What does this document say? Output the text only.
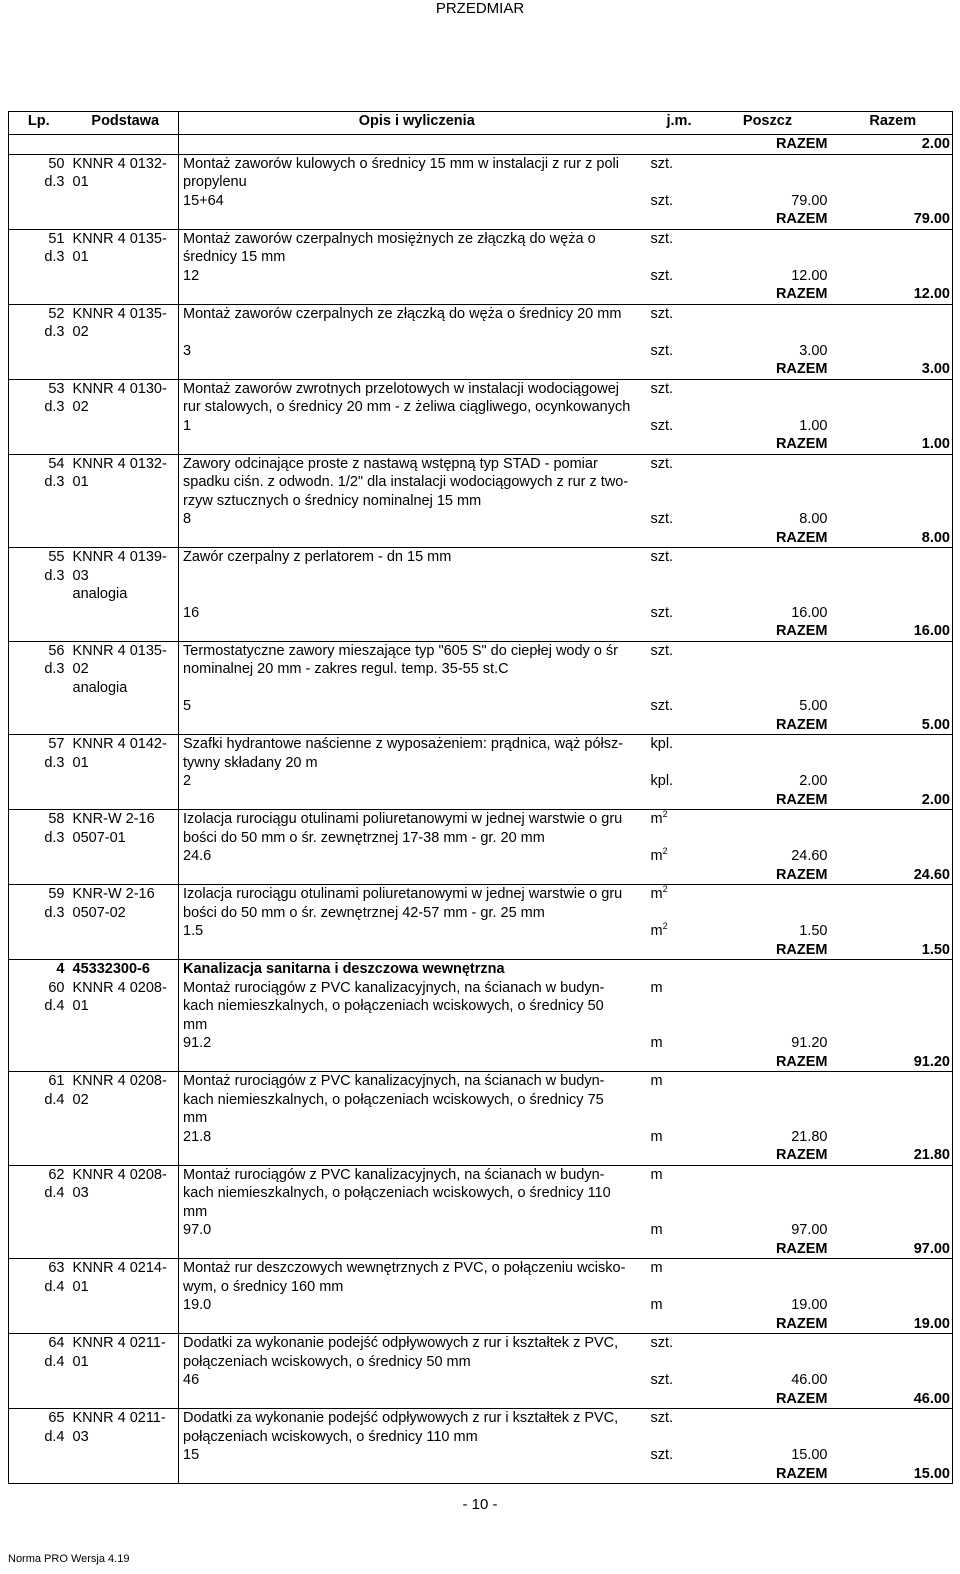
PRZEDMIAR
Lp.	Podstawa	Opis i wyliczenia	j.m.	Poszcz	Razem
				RAZEM	2.00
50	KNNR 4 0132-	Montaż zaworów kulowych o średnicy 15 mm w instalacji z rur z poli	szt.		
d.3	01	propylenu			
		15+64	szt.	79.00	
				RAZEM	79.00
51	KNNR 4 0135-	Montaż zaworów czerpalnych mosiężnych ze złączką do węża o	szt.		
d.3	01	średnicy 15 mm			
		12	szt.	12.00	
				RAZEM	12.00
52	KNNR 4 0135-	Montaż zaworów czerpalnych ze złączką do węża o średnicy 20 mm	szt.		
d.3	02				
		3	szt.	3.00	
				RAZEM	3.00
53	KNNR 4 0130-	Montaż zaworów zwrotnych przelotowych w instalacji wodociągowej	szt.		
d.3	02	rur stalowych, o średnicy 20 mm - z żeliwa ciągliwego, ocynkowanych			
		1	szt.	1.00	
				RAZEM	1.00
54	KNNR 4 0132-	Zawory odcinające proste z nastawą wstępną typ STAD - pomiar	szt.		
d.3	01	spadku ciśn. z odwodn. 1/2" dla instalacji wodociągowych z rur z two-			
		rzyw sztucznych o średnicy nominalnej 15 mm			
		8	szt.	8.00	
				RAZEM	8.00
55	KNNR 4 0139-	Zawór czerpalny z perlatorem - dn 15 mm	szt.		
d.3	03				
	analogia				
		16	szt.	16.00	
				RAZEM	16.00
56	KNNR 4 0135-	Termostatyczne zawory mieszające typ "605 S" do ciepłej wody o śr	szt.		
d.3	02	nominalnej 20 mm - zakres regul. temp. 35-55 st.C			
	analogia				
		5	szt.	5.00	
				RAZEM	5.00
57	KNNR 4 0142-	Szafki hydrantowe naścienne z wyposażeniem: prądnica, wąż półsz-	kpl.		
d.3	01	tywny składany 20 m			
		2	kpl.	2.00	
				RAZEM	2.00
58	KNR-W 2-16	Izolacja rurociągu otulinami poliuretanowymi w jednej warstwie o gru	$m^2$		
d.3	0507-01	bości do 50 mm o śr. zewnętrznej 17-38 mm - gr. 20 mm			
		24.6	$m^2$	24.60	
				RAZEM	24.60
59	KNR-W 2-16	Izolacja rurociągu otulinami poliuretanowymi w jednej warstwie o gru	$m^2$		
d.3	0507-02	bości do 50 mm o śr. zewnętrznej 42-57 mm - gr. 25 mm			
		1.5	$m^2$	1.50	
				RAZEM	1.50
4	45332300-6	Kanalizacja sanitarna i deszczowa wewnętrzna			
60	KNNR 4 0208-	Montaż rurociągów z PVC kanalizacyjnych, na ścianach w budyn-	m		
d.4	01	kach niemieszkalnych, o połączeniach wciskowych, o średnicy 50			
		mm			
		91.2	m	91.20	
				RAZEM	91.20
61	KNNR 4 0208-	Montaż rurociągów z PVC kanalizacyjnych, na ścianach w budyn-	m		
d.4	02	kach niemieszkalnych, o połączeniach wciskowych, o średnicy 75			
		mm			
		21.8	m	21.80	
				RAZEM	21.80
62	KNNR 4 0208-	Montaż rurociągów z PVC kanalizacyjnych, na ścianach w budyn-	m		
d.4	03	kach niemieszkalnych, o połączeniach wciskowych, o średnicy 110			
		mm			
		97.0	m	97.00	
				RAZEM	97.00
63	KNNR 4 0214-	Montaż rur deszczowych wewnętrznych z PVC, o połączeniu wcisko-	m		
d.4	01	wym, o średnicy 160 mm			
		19.0	m	19.00	
				RAZEM	19.00
64	KNNR 4 0211-	Dodatki za wykonanie podejść odpływowych z rur i kształtek z PVC,	szt.		
d.4	01	połączeniach wciskowych, o średnicy 50 mm			
		46	szt.	46.00	
				RAZEM	46.00
65	KNNR 4 0211-	Dodatki za wykonanie podejść odpływowych z rur i kształtek z PVC,	szt.		
d.4	03	połączeniach wciskowych, o średnicy 110 mm			
		15	szt.	15.00	
				RAZEM	15.00
- 10 -
Norma PRO Wersja 4.19
